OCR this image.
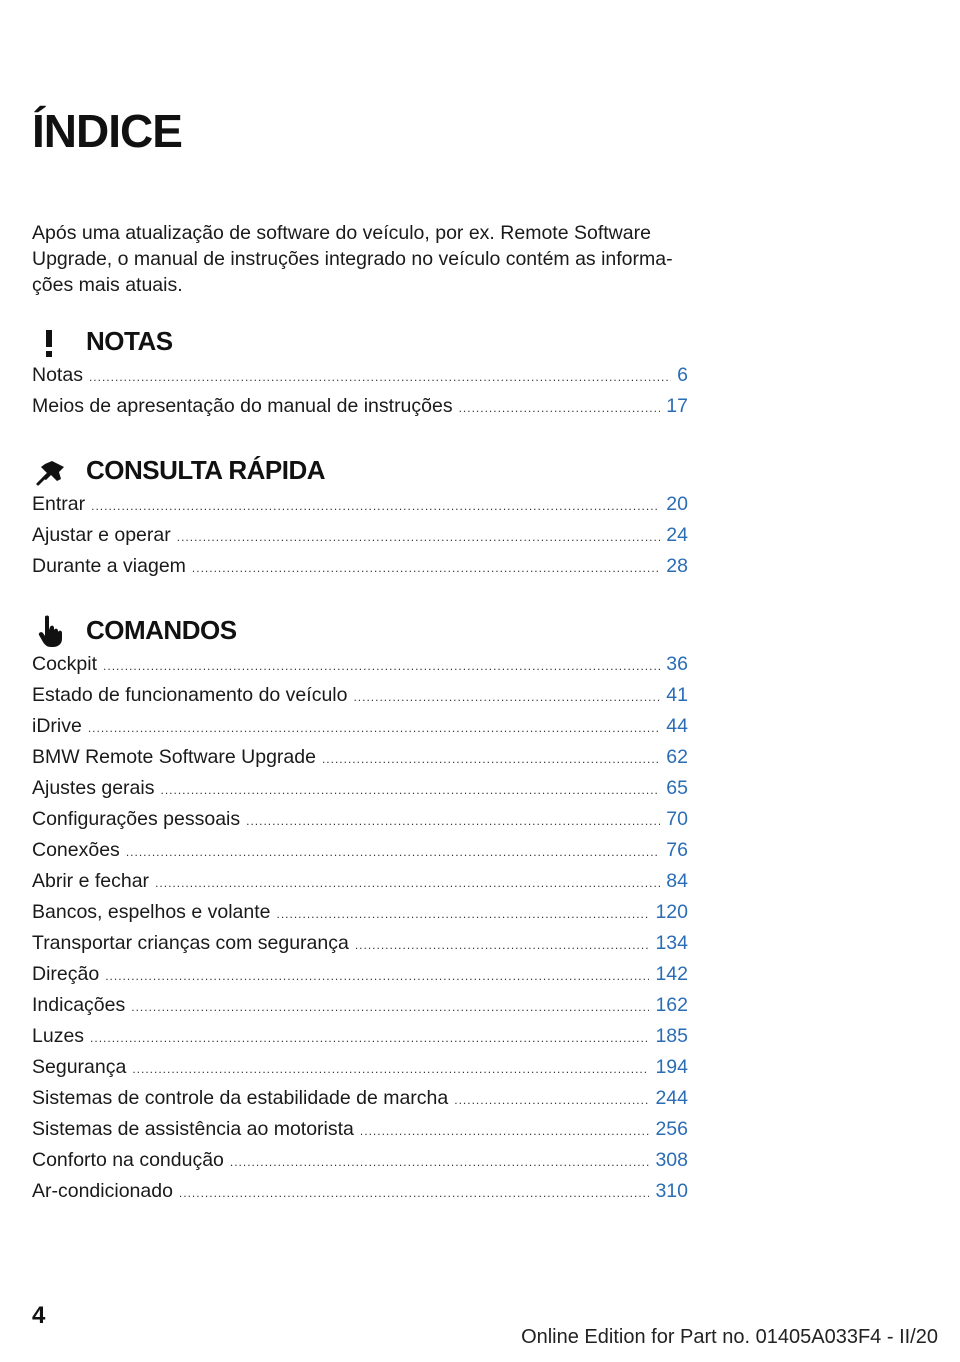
ÍNDICE

Após uma atualização de software do veículo, por ex. Remote Software Upgrade, o manual de instruções integrado no veículo contém as informa-ções mais atuais.

NOTAS
Notas .....	6
Meios de apresentação do manual de instruções .....	17
CONSULTA RÁPIDA
Entrar .....	20
Ajustar e operar .....	24
Durante a viagem .....	28
COMANDOS
Cockpit .....	36
Estado de funcionamento do veículo .....	41
iDrive .....	44
BMW Remote Software Upgrade .....	62
Ajustes gerais .....	65
Configurações pessoais .....	70
Conexões .....	76
Abrir e fechar .....	84
Bancos, espelhos e volante .....	120
Transportar crianças com segurança .....	134
Direção .....	142
Indicações .....	162
Luzes .....	185
Segurança .....	194
Sistemas de controle da estabilidade de marcha .....	244
Sistemas de assistência ao motorista .....	256
Conforto na condução .....	308
Ar-condicionado .....	310
4
Online Edition for Part no. 01405A033F4 - II/20
